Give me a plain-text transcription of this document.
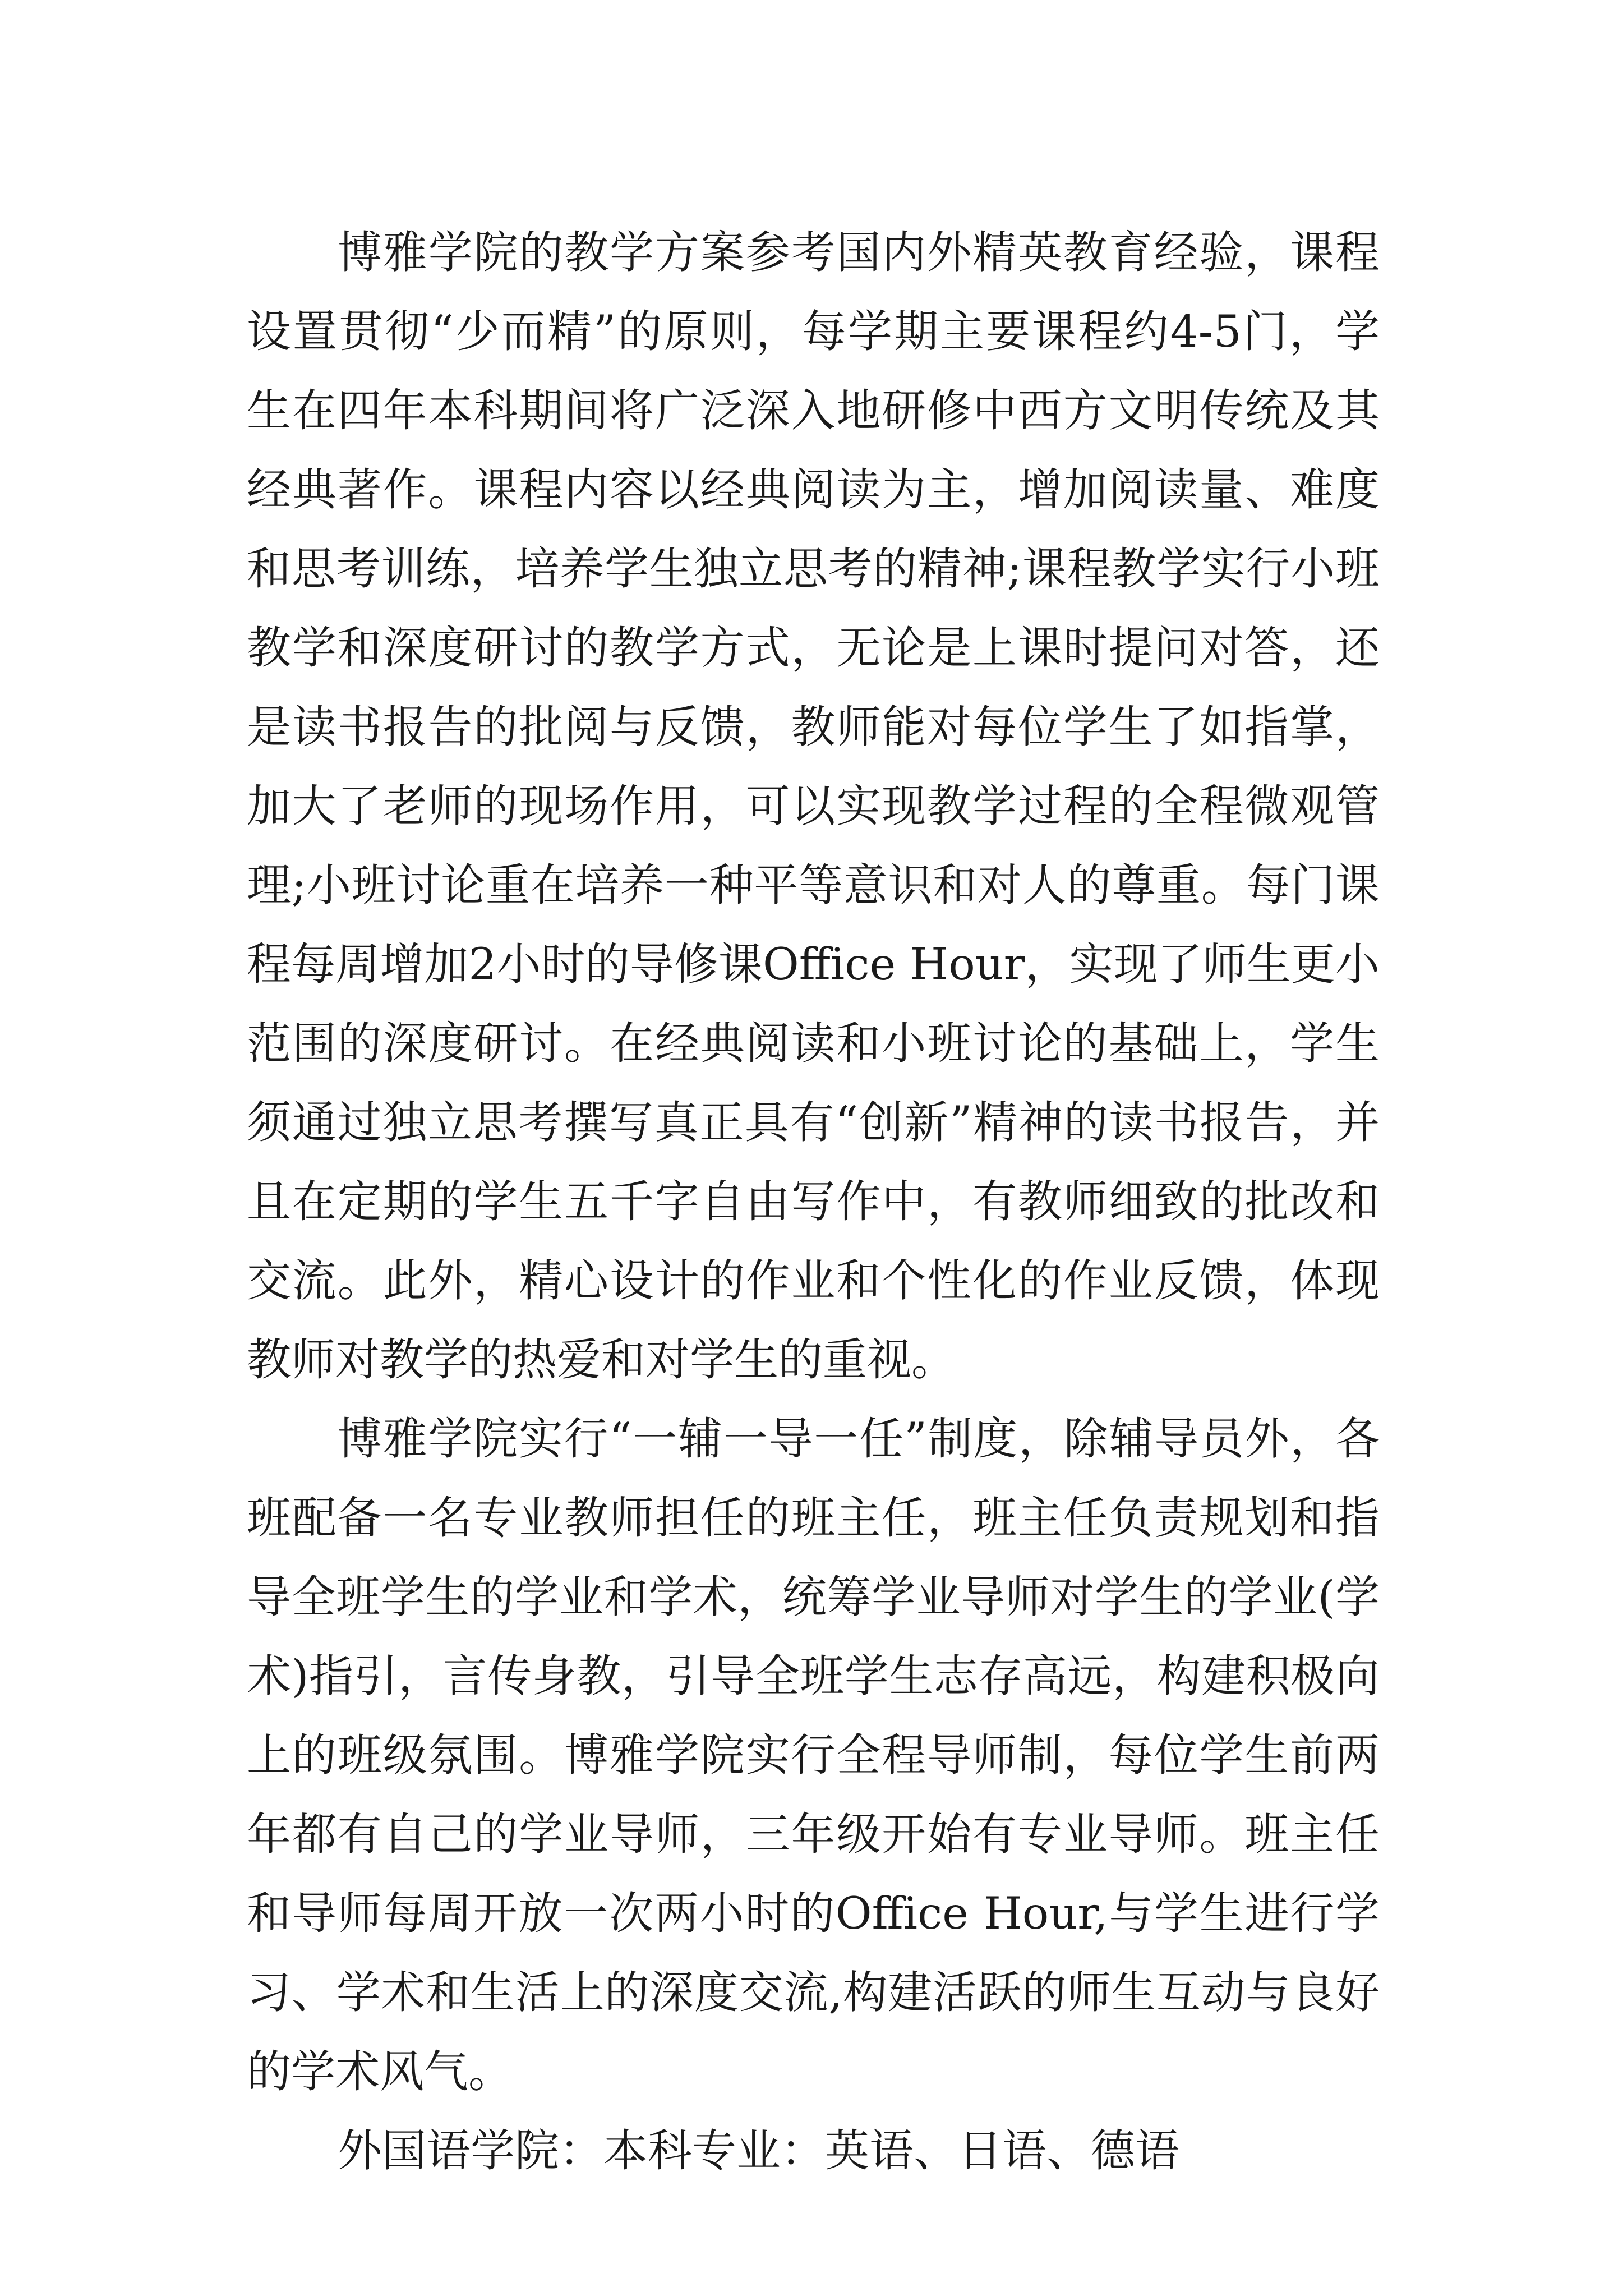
博雅学院的教学方案参考国内外精英教育经验，课程设置贯彻“少而精”的原则，每学期主要课程约4-5门，学生在四年本科期间将广泛深入地研修中西方文明传统及其经典著作。课程内容以经典阅读为主，增加阅读量、难度和思考训练，培养学生独立思考的精神;课程教学实行小班教学和深度研讨的教学方式，无论是上课时提问对答，还是读书报告的批阅与反馈，教师能对每位学生了如指掌，加大了老师的现场作用，可以实现教学过程的全程微观管理;小班讨论重在培养一种平等意识和对人的尊重。每门课程每周增加2小时的导修课Office Hour，实现了师生更小范围的深度研讨。在经典阅读和小班讨论的基础上，学生须通过独立思考撰写真正具有“创新”精神的读书报告，并且在定期的学生五千字自由写作中，有教师细致的批改和交流。此外，精心设计的作业和个性化的作业反馈，体现教师对教学的热爱和对学生的重视。

博雅学院实行“一辅一导一任”制度，除辅导员外，各班配备一名专业教师担任的班主任，班主任负责规划和指导全班学生的学业和学术，统筹学业导师对学生的学业(学术)指引，言传身教，引导全班学生志存高远，构建积极向上的班级氛围。博雅学院实行全程导师制，每位学生前两年都有自己的学业导师，三年级开始有专业导师。班主任和导师每周开放一次两小时的Office Hour,与学生进行学习、学术和生活上的深度交流,构建活跃的师生互动与良好的学术风气。

外国语学院：本科专业：英语、日语、德语
